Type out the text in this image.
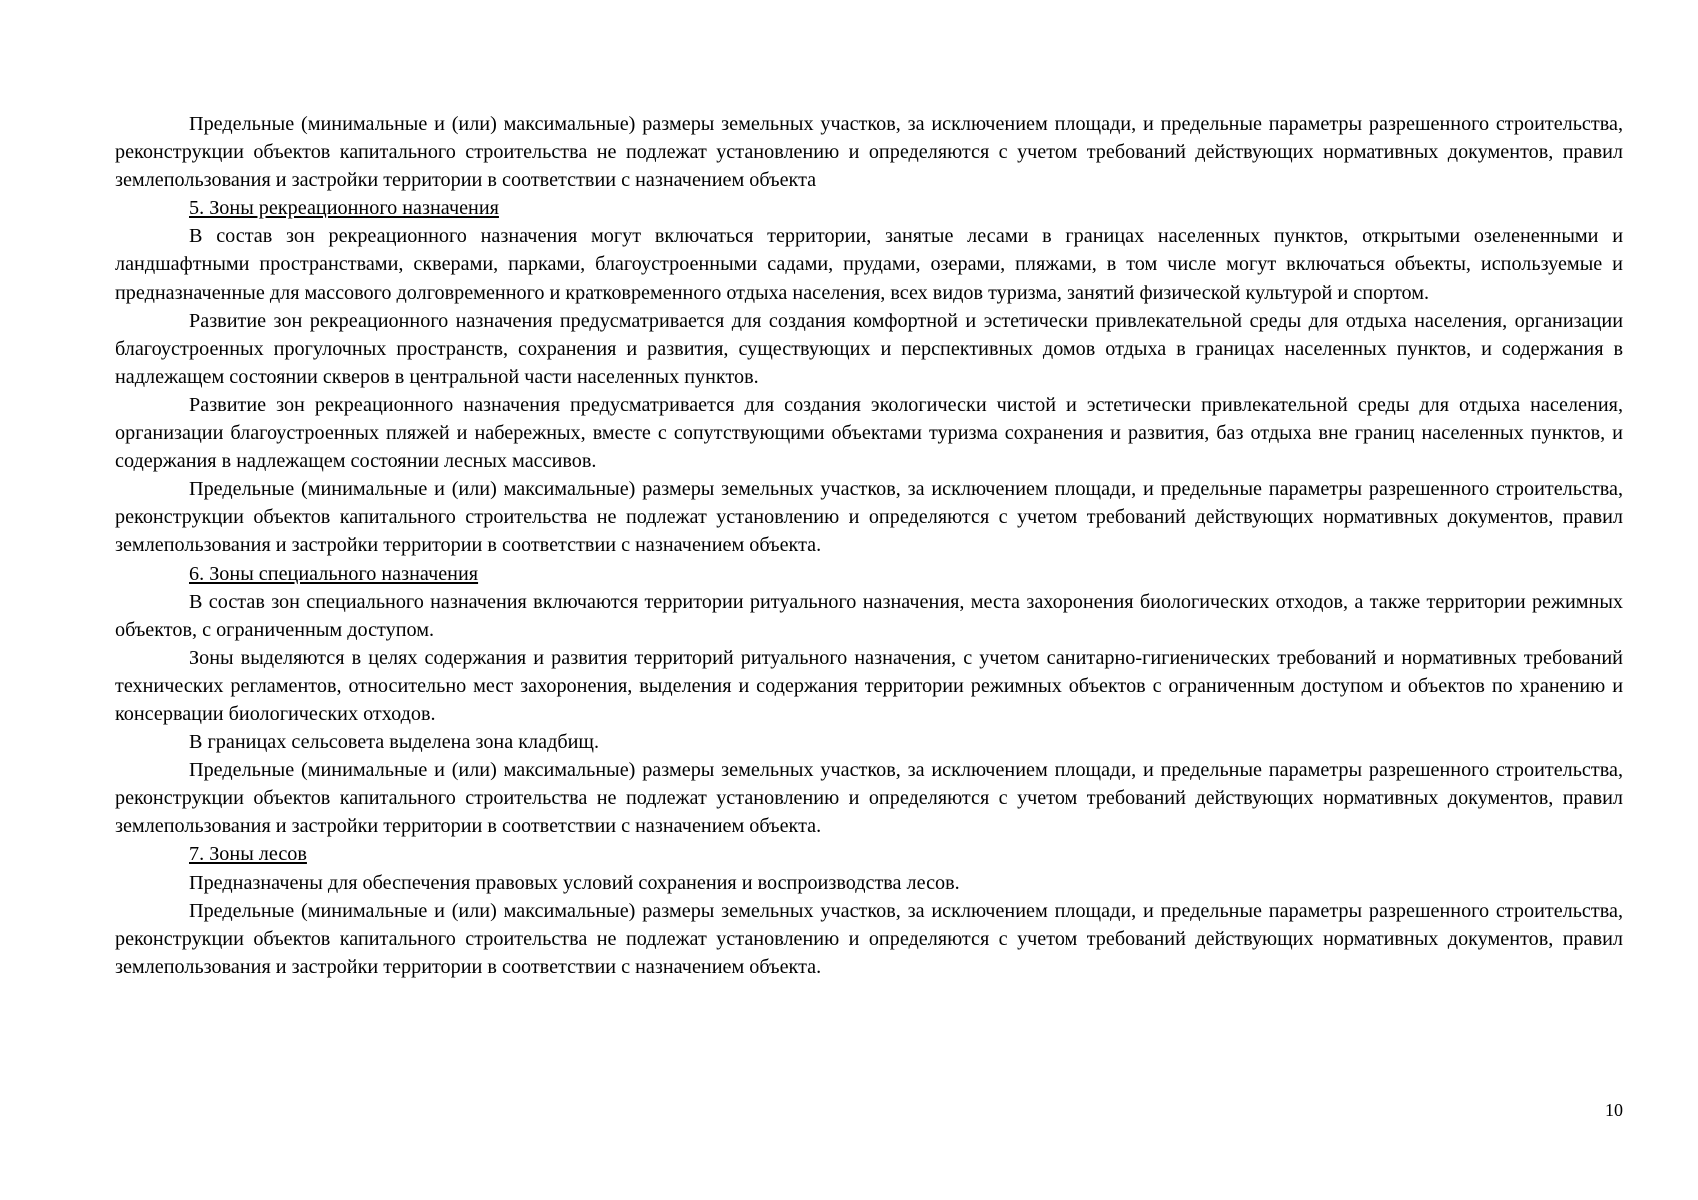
Предельные (минимальные и (или) максимальные) размеры земельных участков, за исключением площади, и предельные параметры разрешенного строительства, реконструкции объектов капитального строительства не подлежат установлению и определяются с учетом требований действующих нормативных документов, правил землепользования и застройки территории в соответствии с назначением объекта

5. Зоны рекреационного назначения

В состав зон рекреационного назначения могут включаться территории, занятые лесами в границах населенных пунктов, открытыми озелененными и ландшафтными пространствами, скверами, парками, благоустроенными садами, прудами, озерами, пляжами, в том числе могут включаться объекты, используемые и предназначенные для массового долговременного и кратковременного отдыха населения, всех видов туризма, занятий физической культурой и спортом.

Развитие зон рекреационного назначения предусматривается для создания комфортной и эстетически привлекательной среды для отдыха населения, организации благоустроенных прогулочных пространств, сохранения и развития, существующих и перспективных домов отдыха в границах населенных пунктов, и содержания в надлежащем состоянии скверов в центральной части населенных пунктов.

Развитие зон рекреационного назначения предусматривается для создания экологически чистой и эстетически привлекательной среды для отдыха населения, организации благоустроенных пляжей и набережных, вместе с сопутствующими объектами туризма сохранения и развития, баз отдыха вне границ населенных пунктов, и содержания в надлежащем состоянии лесных массивов.

Предельные (минимальные и (или) максимальные) размеры земельных участков, за исключением площади, и предельные параметры разрешенного строительства, реконструкции объектов капитального строительства не подлежат установлению и определяются с учетом требований действующих нормативных документов, правил землепользования и застройки территории в соответствии с назначением объекта.

6. Зоны специального назначения

В состав зон специального назначения включаются территории ритуального назначения, места захоронения биологических отходов, а также территории режимных объектов, с ограниченным доступом.

Зоны выделяются в целях содержания и развития территорий ритуального назначения, с учетом санитарно-гигиенических требований и нормативных требований технических регламентов, относительно мест захоронения, выделения и содержания территории режимных объектов с ограниченным доступом и объектов по хранению и консервации биологических отходов.

В границах сельсовета выделена зона кладбищ.

Предельные (минимальные и (или) максимальные) размеры земельных участков, за исключением площади, и предельные параметры разрешенного строительства, реконструкции объектов капитального строительства не подлежат установлению и определяются с учетом требований действующих нормативных документов, правил землепользования и застройки территории в соответствии с назначением объекта.

7. Зоны лесов

Предназначены для обеспечения правовых условий сохранения и воспроизводства лесов.

Предельные (минимальные и (или) максимальные) размеры земельных участков, за исключением площади, и предельные параметры разрешенного строительства, реконструкции объектов капитального строительства не подлежат установлению и определяются с учетом требований действующих нормативных документов, правил землепользования и застройки территории в соответствии с назначением объекта.

10
